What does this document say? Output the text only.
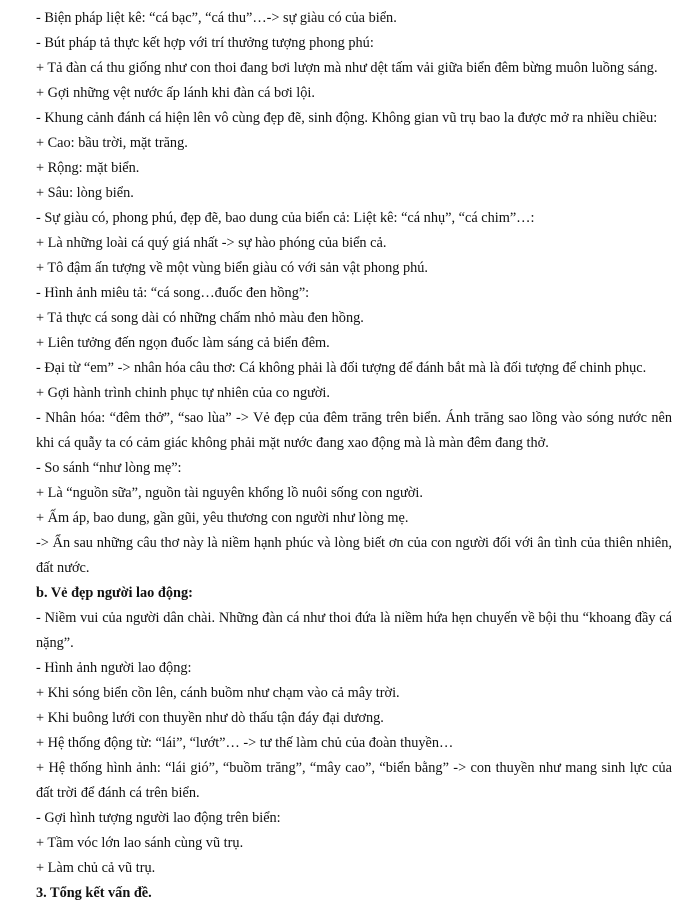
- Biện pháp liệt kê: “cá bạc”, “cá thu”…-> sự giàu có của biển.
- Bút pháp tả thực kết hợp với trí thưởng tượng phong phú:
+ Tả đàn cá thu giống như con thoi đang bơi lượn mà như dệt tấm vải giữa biển đêm bừng muôn luồng sáng.
+ Gợi những vệt nước ấp lánh khi đàn cá bơi lội.
- Khung cảnh đánh cá hiện lên vô cùng đẹp đẽ, sinh động. Không gian vũ trụ bao la được mở ra nhiều chiều:
+ Cao: bầu trời, mặt trăng.
+ Rộng: mặt biển.
+ Sâu: lòng biển.
- Sự giàu có, phong phú, đẹp đẽ, bao dung của biển cả: Liệt kê: “cá nhụ”, “cá chim”…:
+ Là những loài cá quý giá nhất -> sự hào phóng của biển cả.
+ Tô đậm ấn tượng về một vùng biển giàu có với sản vật phong phú.
- Hình ảnh miêu tả: “cá song…đuốc đen hồng”:
+ Tả thực cá song dài có những chấm nhỏ màu đen hồng.
+ Liên tưởng đến ngọn đuốc làm sáng cả biển đêm.
- Đại từ “em” -> nhân hóa câu thơ: Cá không phải là đối tượng để đánh bắt mà là đối tượng để chinh phục.
+ Gợi hành trình chinh phục tự nhiên của co người.
- Nhân hóa: “đêm thở”, “sao lùa” -> Vẻ đẹp của đêm trăng trên biển. Ánh trăng sao lồng vào sóng nước nên khi cá quẫy ta có cảm giác không phải mặt nước đang xao động mà là màn đêm đang thở.
- So sánh “như lòng mẹ”:
+ Là “nguồn sữa”, nguồn tài nguyên khổng lồ nuôi sống con người.
+ Ấm áp, bao dung, gần gũi, yêu thương con người như lòng mẹ.
-> Ẩn sau những câu thơ này là niềm hạnh phúc và lòng biết ơn của con người đối với ân tình của thiên nhiên, đất nước.
b. Vẻ đẹp người lao động:
- Niềm vui của người dân chài. Những đàn cá như thoi đứa là niềm hứa hẹn chuyến về bội thu “khoang đầy cá nặng”.
- Hình ảnh người lao động:
+ Khi sóng biển cồn lên, cánh buồm như chạm vào cả mây trời.
+ Khi buông lưới con thuyền như dò thấu tận đáy đại dương.
+ Hệ thống động từ: “lái”, “lướt”… -> tư thế làm chủ của đoàn thuyền…
+ Hệ thống hình ảnh: “lái gió”, “buồm trăng”, “mây cao”, “biển bằng” -> con thuyền như mang sinh lực của đất trời để đánh cá trên biển.
- Gợi hình tượng người lao động trên biển:
+ Tầm vóc lớn lao sánh cùng vũ trụ.
+ Làm chủ cả vũ trụ.
3. Tổng kết vấn đề.
